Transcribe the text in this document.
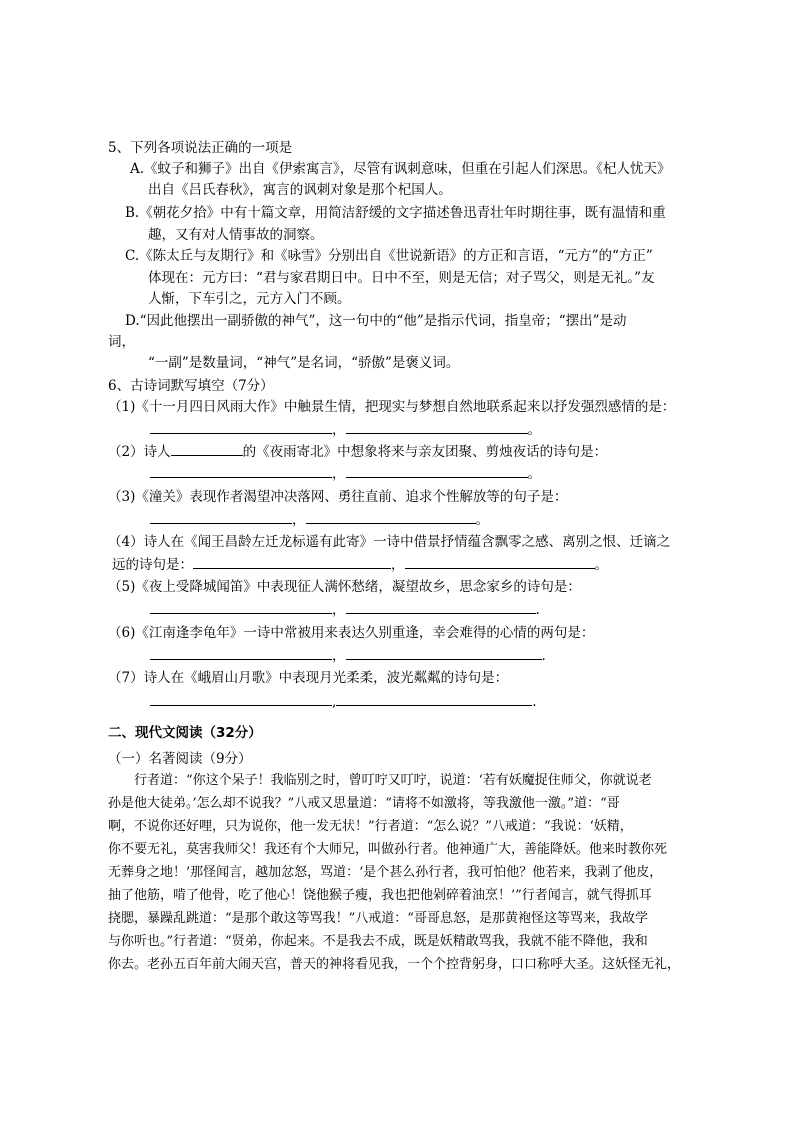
5、下列各项说法正确的一项是
A.《蚊子和狮子》出自《伊索寓言》，尽管有讽刺意味，但重在引起人们深思。《杞人忧天》
出自《吕氏春秋》，寓言的讽刺对象是那个杞国人。
B.《朝花夕拾》中有十篇文章，用简洁舒缓的文字描述鲁迅青壮年时期往事，既有温情和重
趣，又有对人情事故的洞察。
C.《陈太丘与友期行》和《咏雪》分别出自《世说新语》的方正和言语，“元方”的“方正”
体现在：元方曰：“君与家君期日中。日中不至，则是无信；对子骂父，则是无礼。”友
人惭，下车引之，元方入门不顾。
D.“因此他摆出一副骄傲的神气”，这一句中的“他”是指示代词，指皇帝；“摆出”是动
词，
“一副”是数量词，“神气”是名词，“骄傲”是褒义词。
6、古诗词默写填空（7分）
（1)《十一月四日风雨大作》中触景生情，把现实与梦想自然地联系起来以抒发强烈感情的是：
，	。
（2）诗人	的《夜雨寄北》中想象将来与亲友团聚、剪烛夜话的诗句是：
，	。
（3)《潼关》表现作者渴望冲决落网、勇往直前、追求个性解放等的句子是：
，	。
（4）诗人在《闻王昌龄左迁龙标遥有此寄》一诗中借景抒情蕴含飘零之感、离别之恨、迁谪之
远的诗句是：	，	。
（5)《夜上受降城闻笛》中表现征人满怀愁绪，凝望故乡，思念家乡的诗句是：
，	.
（6)《江南逢李龟年》一诗中常被用来表达久别重逢，幸会难得的心情的两句是：
，	.
（7）诗人在《峨眉山月歌》中表现月光柔柔，波光粼粼的诗句是：
,	.
二、现代文阅读（32分）
（一）名著阅读（9分）
行者道：“你这个呆子！我临别之时，曾叮咛又叮咛，说道：‘若有妖魔捉住师父，你就说老
孙是他大徒弟。’怎么却不说我？”八戒又思量道：“请将不如激将，等我激他一激。”道：“哥
啊，不说你还好哩，只为说你，他一发无状！”行者道：“怎么说？”八戒道：“我说：‘妖精，
你不要无礼，莫害我师父！我还有个大师兄，叫做孙行者。他神通广大，善能降妖。他来时教你死
无葬身之地！’那怪闻言，越加忿怒，骂道：‘是个甚么孙行者，我可怕他？他若来，我剥了他皮，
抽了他筋，啃了他骨，吃了他心！饶他猴子瘦，我也把他剁碎着油烹！’”行者闻言，就气得抓耳
挠腮，暴躁乱跳道：“是那个敢这等骂我！”八戒道：“哥哥息怒，是那黄袍怪这等骂来，我故学
与你听也。”行者道：“贤弟，你起来。不是我去不成，既是妖精敢骂我，我就不能不降他，我和
你去。老孙五百年前大闹天宫，普天的神将看见我，一个个控背躬身，口口称呼大圣。这妖怪无礼，
